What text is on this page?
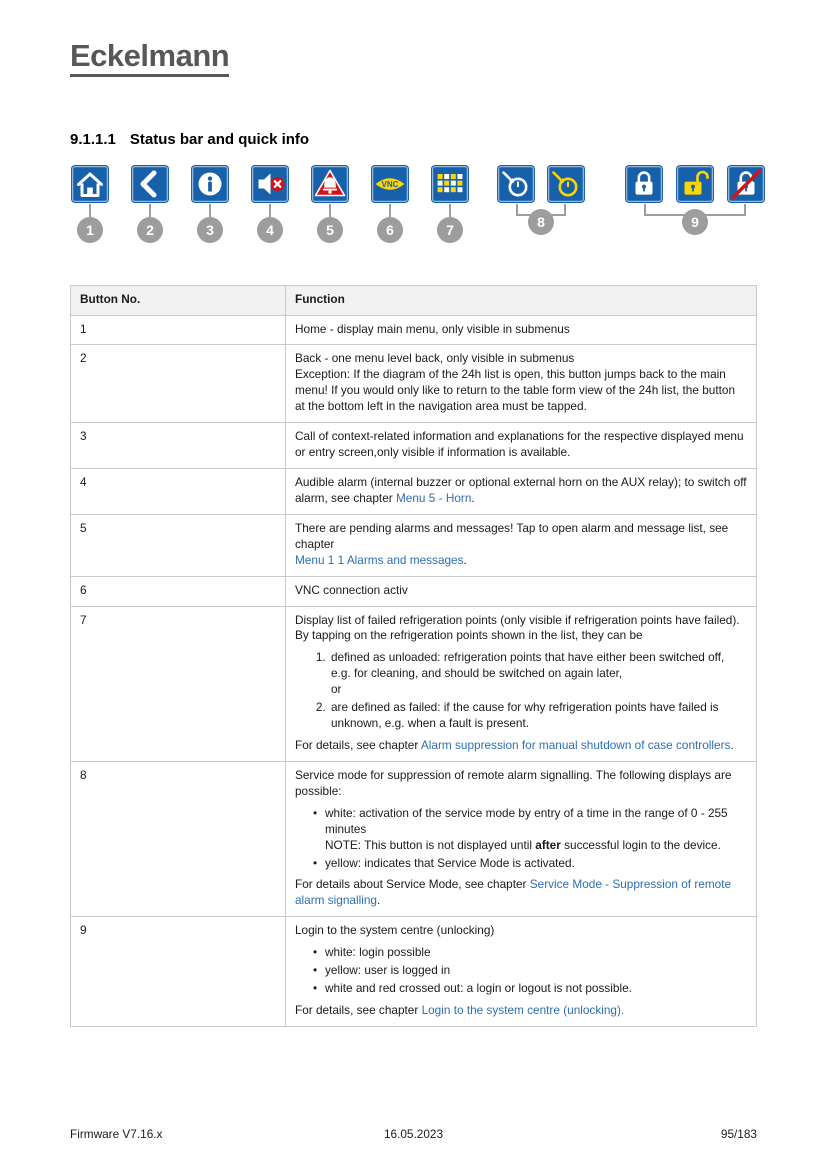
Eckelmann
9.1.1.1 Status bar and quick info
1	2	3	4	5
VNC
6	7	8	9
Button No.	Function
1	Home - display main menu, only visible in submenus

2	Back - one menu level back, only visible in submenus

Exception: If the diagram of the 24h list is open, this button jumps back to the main menu! If you would only like to return to the table form view of the 24h list, the button at the bottom left in the navigation area must be tapped.

3	Call of context-related information and explanations for the respective displayed menu or entry screen,only visible if information is available.

4	Audible alarm (internal buzzer or optional external horn on the AUX relay); to switch off alarm, see chapter Menu 5 - Horn.

5	There are pending alarms and messages! Tap to open alarm and message list, see chapter
Menu 1 1 Alarms and messages.

6	VNC connection activ

7	Display list of failed refrigeration points (only visible if refrigeration points have failed).

By tapping on the refrigeration points shown in the list, they can be

1. defined as unloaded: refrigeration points that have either been switched off, e.g. for cleaning, and should be switched on again later,
or
2. are defined as failed: if the cause for why refrigeration points have failed is unknown, e.g. when a fault is present.

For details, see chapter Alarm suppression for manual shutdown of case controllers.

8	Service mode for suppression of remote alarm signalling. The following displays are possible:

• white: activation of the service mode by entry of a time in the range of 0 - 255 minutes
NOTE: This button is not displayed until after successful login to the device.
• yellow: indicates that Service Mode is activated.

For details about Service Mode, see chapter Service Mode - Suppression of remote alarm signalling.

9	Login to the system centre (unlocking)

• white: login possible
• yellow: user is logged in
• white and red crossed out: a login or logout is not possible.

For details, see chapter Login to the system centre (unlocking).

Firmware V7.16.x	16.05.2023	95/183
